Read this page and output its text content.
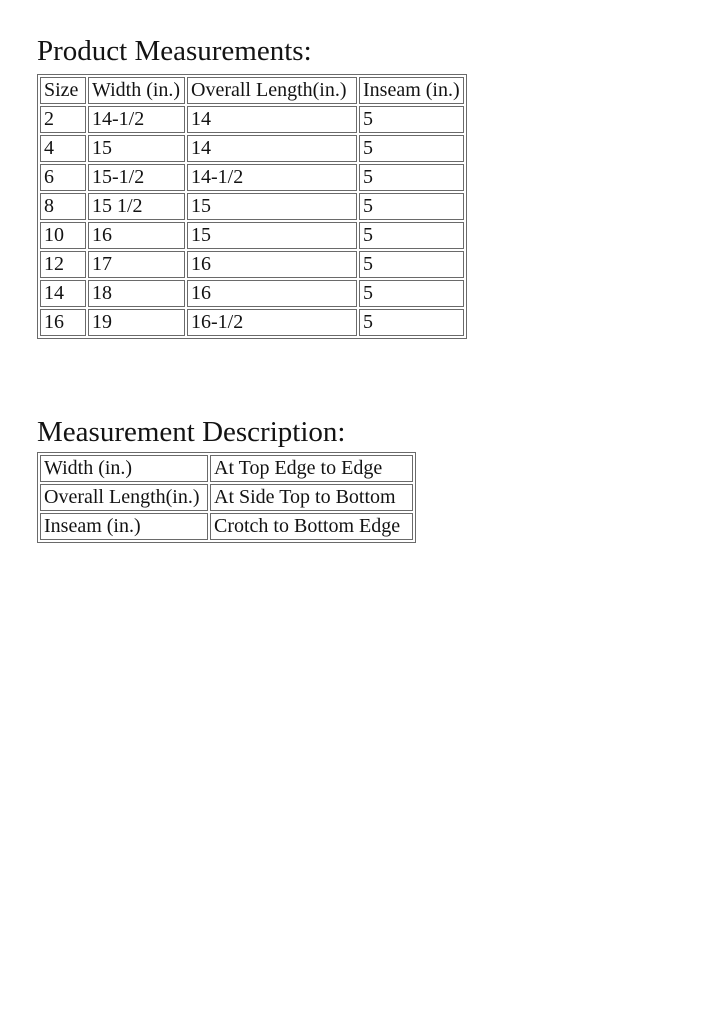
Product Measurements:
Size	Width (in.)	Overall Length(in.)	Inseam (in.)
2	14-1/2	14	5
4	15	14	5
6	15-1/2	14-1/2	5
8	15 1/2	15	5
10	16	15	5
12	17	16	5
14	18	16	5
16	19	16-1/2	5
Measurement Description:
Width (in.)	At Top Edge to Edge
Overall Length(in.)	At Side Top to Bottom
Inseam (in.)	Crotch to Bottom Edge
